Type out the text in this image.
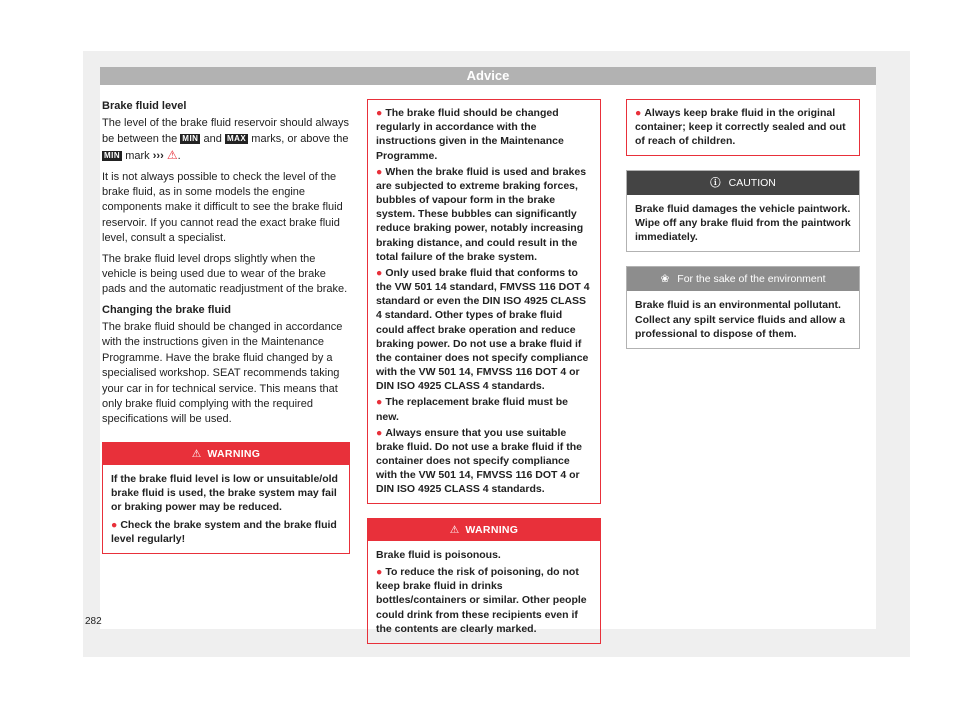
Advice
Brake fluid level
The level of the brake fluid reservoir should always be between the MIN and MAX marks, or above the MIN mark ››› ⚠.
It is not always possible to check the level of the brake fluid, as in some models the engine components make it difficult to see the brake fluid reservoir. If you cannot read the exact brake fluid level, consult a specialist.
The brake fluid level drops slightly when the vehicle is being used due to wear of the brake pads and the automatic readjustment of the brake.
Changing the brake fluid
The brake fluid should be changed in accordance with the instructions given in the Maintenance Programme. Have the brake fluid changed by a specialised workshop. SEAT recommends taking your car in for technical service. This means that only brake fluid complying with the required specifications will be used.
⚠ WARNING
If the brake fluid level is low or unsuitable/old brake fluid is used, the brake system may fail or braking power may be reduced.
● Check the brake system and the brake fluid level regularly!
● The brake fluid should be changed regularly in accordance with the instructions given in the Maintenance Programme.
● When the brake fluid is used and brakes are subjected to extreme braking forces, bubbles of vapour form in the brake system. These bubbles can significantly reduce braking power, notably increasing braking distance, and could result in the total failure of the brake system.
● Only used brake fluid that conforms to the VW 501 14 standard, FMVSS 116 DOT 4 standard or even the DIN ISO 4925 CLASS 4 standard. Other types of brake fluid could affect brake operation and reduce braking power. Do not use a brake fluid if the container does not specify compliance with the VW 501 14, FMVSS 116 DOT 4 or DIN ISO 4925 CLASS 4 standards.
● The replacement brake fluid must be new.
● Always ensure that you use suitable brake fluid. Do not use a brake fluid if the container does not specify compliance with the VW 501 14, FMVSS 116 DOT 4 or DIN ISO 4925 CLASS 4 standards.
⚠ WARNING
Brake fluid is poisonous.
● To reduce the risk of poisoning, do not keep brake fluid in drinks bottles/containers or similar. Other people could drink from these recipients even if the contents are clearly marked.
● Always keep brake fluid in the original container; keep it correctly sealed and out of reach of children.
ⓘ CAUTION
Brake fluid damages the vehicle paintwork. Wipe off any brake fluid from the paintwork immediately.
❀ For the sake of the environment
Brake fluid is an environmental pollutant. Collect any spilt service fluids and allow a professional to dispose of them.
282
